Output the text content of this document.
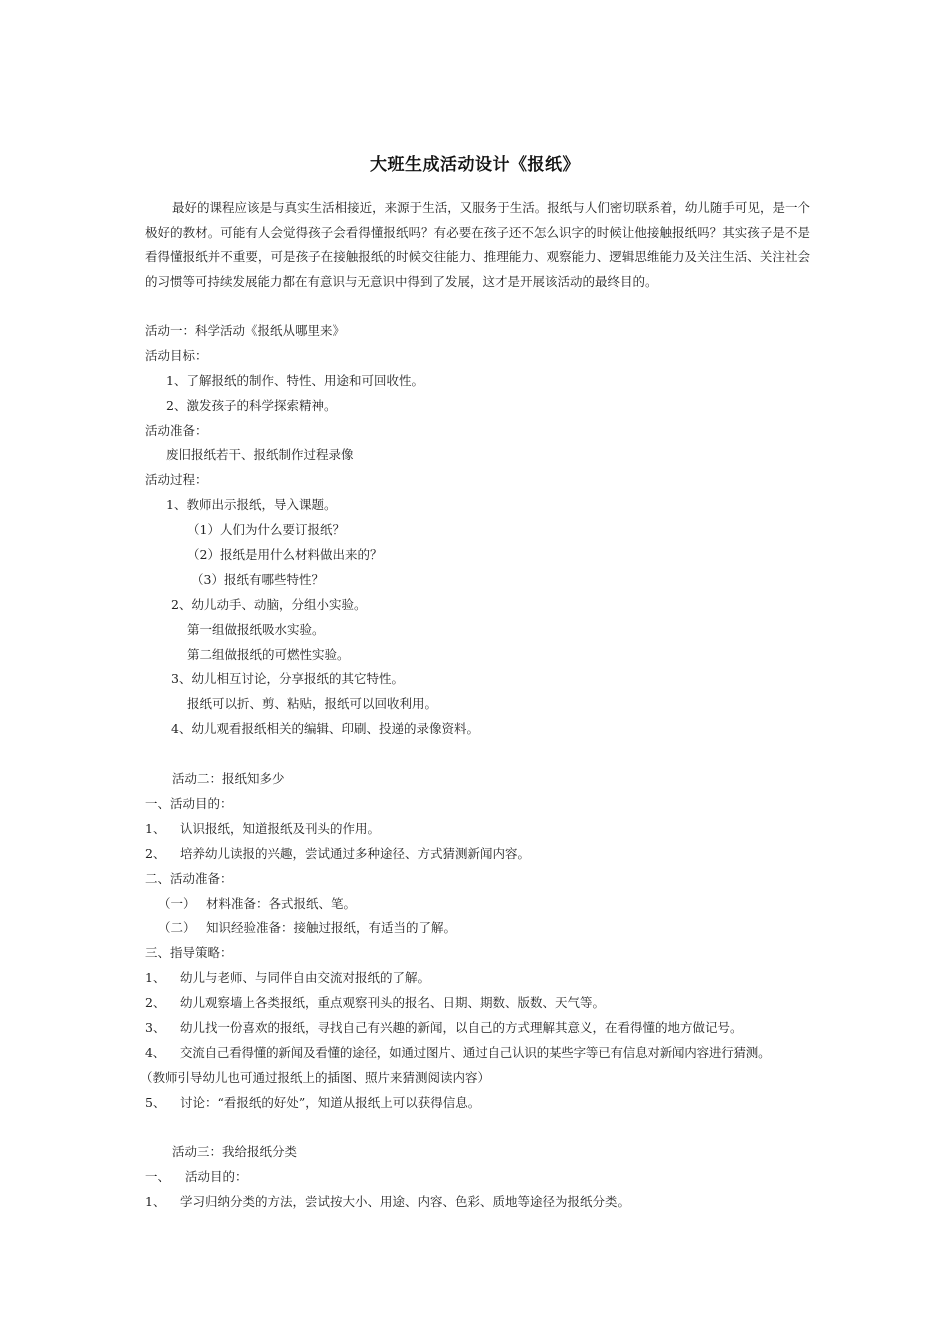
大班生成活动设计《报纸》

最好的课程应该是与真实生活相接近，来源于生活，又服务于生活。报纸与人们密切联系着，幼儿随手可见，是一个极好的教材。可能有人会觉得孩子会看得懂报纸吗？有必要在孩子还不怎么识字的时候让他接触报纸吗？其实孩子是不是看得懂报纸并不重要，可是孩子在接触报纸的时候交往能力、推理能力、观察能力、逻辑思维能力及关注生活、关注社会的习惯等可持续发展能力都在有意识与无意识中得到了发展，这才是开展该活动的最终目的。

活动一：科学活动《报纸从哪里来》

活动目标：

1、了解报纸的制作、特性、用途和可回收性。

2、激发孩子的科学探索精神。

活动准备：

废旧报纸若干、报纸制作过程录像

活动过程：

1、教师出示报纸，导入课题。

（1）人们为什么要订报纸？

（2）报纸是用什么材料做出来的？

（3）报纸有哪些特性？

2、幼儿动手、动脑，分组小实验。

第一组做报纸吸水实验。

第二组做报纸的可燃性实验。

3、幼儿相互讨论，分享报纸的其它特性。

报纸可以折、剪、粘贴，报纸可以回收利用。

4、幼儿观看报纸相关的编辑、印刷、投递的录像资料。

活动二：报纸知多少

一、活动目的：

1、 认识报纸，知道报纸及刊头的作用。

2、 培养幼儿读报的兴趣，尝试通过多种途径、方式猜测新闻内容。

二、活动准备：

（一） 材料准备：各式报纸、笔。

（二） 知识经验准备：接触过报纸，有适当的了解。

三、指导策略：

1、 幼儿与老师、与同伴自由交流对报纸的了解。

2、 幼儿观察墙上各类报纸，重点观察刊头的报名、日期、期数、版数、天气等。

3、 幼儿找一份喜欢的报纸，寻找自己有兴趣的新闻，以自己的方式理解其意义，在看得懂的地方做记号。

4、 交流自己看得懂的新闻及看懂的途径，如通过图片、通过自己认识的某些字等已有信息对新闻内容进行猜测。

（教师引导幼儿也可通过报纸上的插图、照片来猜测阅读内容）

5、 讨论：“看报纸的好处”，知道从报纸上可以获得信息。

活动三：我给报纸分类

一、 活动目的：

1、 学习归纳分类的方法，尝试按大小、用途、内容、色彩、质地等途径为报纸分类。
